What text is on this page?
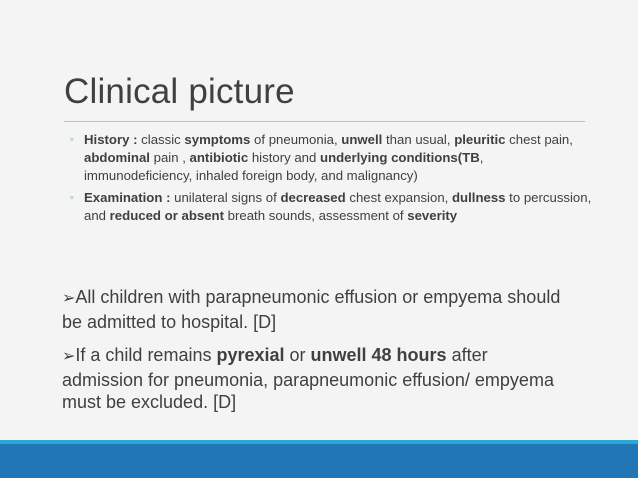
Clinical picture
◦ History : classic symptoms of pneumonia, unwell than usual, pleuritic chest pain, abdominal pain , antibiotic history and underlying conditions(TB, immunodeficiency, inhaled foreign body, and malignancy)
◦ Examination : unilateral signs of decreased chest expansion, dullness to percussion, and reduced or absent breath sounds, assessment of severity

➢All children with parapneumonic effusion or empyema should be admitted to hospital. [D]

➢If a child remains pyrexial or unwell 48 hours after admission for pneumonia, parapneumonic effusion/ empyema must be excluded. [D]
